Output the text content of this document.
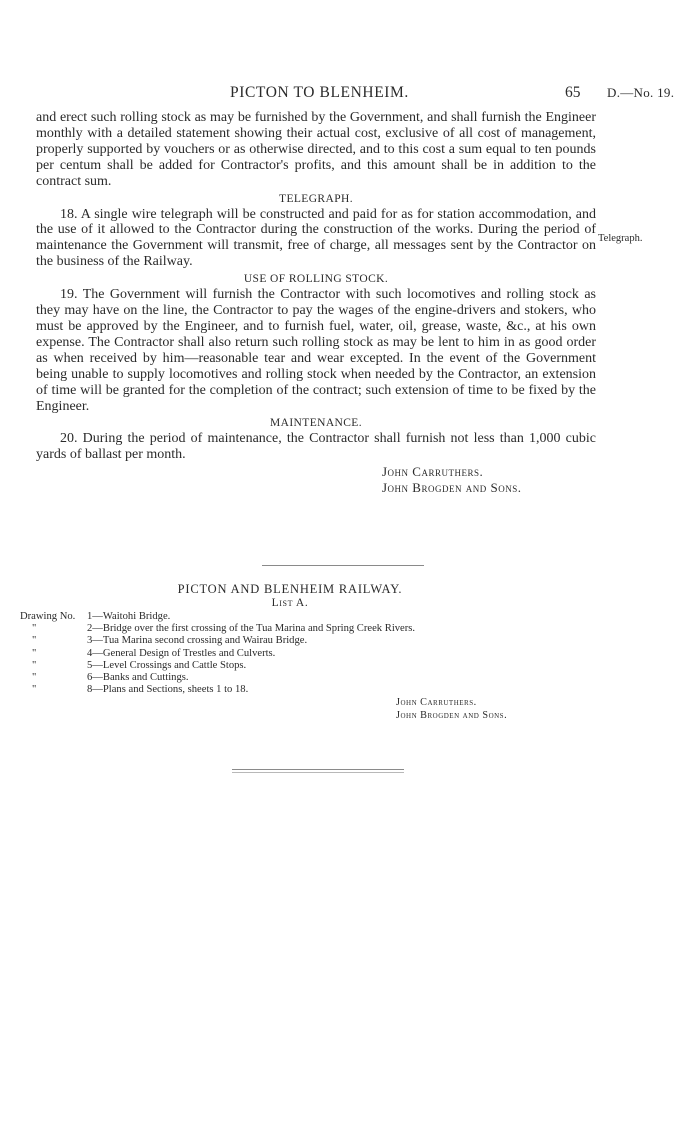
PICTON TO BLENHEIM.	65 D.—No. 19.
Telegraph.

and erect such rolling stock as may be furnished by the Government, and shall furnish the Engineer monthly with a detailed statement showing their actual cost, exclusive of all cost of management, properly supported by vouchers or as otherwise directed, and to this cost a sum equal to ten pounds per centum shall be added for Contractor's profits, and this amount shall be in addition to the contract sum.

TELEGRAPH.

18. A single wire telegraph will be constructed and paid for as for station accommodation, and the use of it allowed to the Contractor during the construction of the works. During the period of maintenance the Government will transmit, free of charge, all messages sent by the Contractor on the business of the Railway.

USE OF ROLLING STOCK.

19. The Government will furnish the Contractor with such locomotives and rolling stock as they may have on the line, the Contractor to pay the wages of the engine-drivers and stokers, who must be approved by the Engineer, and to furnish fuel, water, oil, grease, waste, &c., at his own expense. The Contractor shall also return such rolling stock as may be lent to him in as good order as when received by him—reasonable tear and wear excepted. In the event of the Government being unable to supply locomotives and rolling stock when needed by the Contractor, an extension of time will be granted for the completion of the contract; such extension of time to be fixed by the Engineer.

MAINTENANCE.

20. During the period of maintenance, the Contractor shall furnish not less than 1,000 cubic yards of ballast per month.

John Carruthers.
John Brogden and Sons.
PICTON AND BLENHEIM RAILWAY.
List A.
Drawing No.	1—Waitohi Bridge.
"	2—Bridge over the first crossing of the Tua Marina and Spring Creek Rivers.
"	3—Tua Marina second crossing and Wairau Bridge.
"	4—General Design of Trestles and Culverts.
"	5—Level Crossings and Cattle Stops.
"	6—Banks and Cuttings.
"	8—Plans and Sections, sheets 1 to 18.
John Carruthers.
John Brogden and Sons.
